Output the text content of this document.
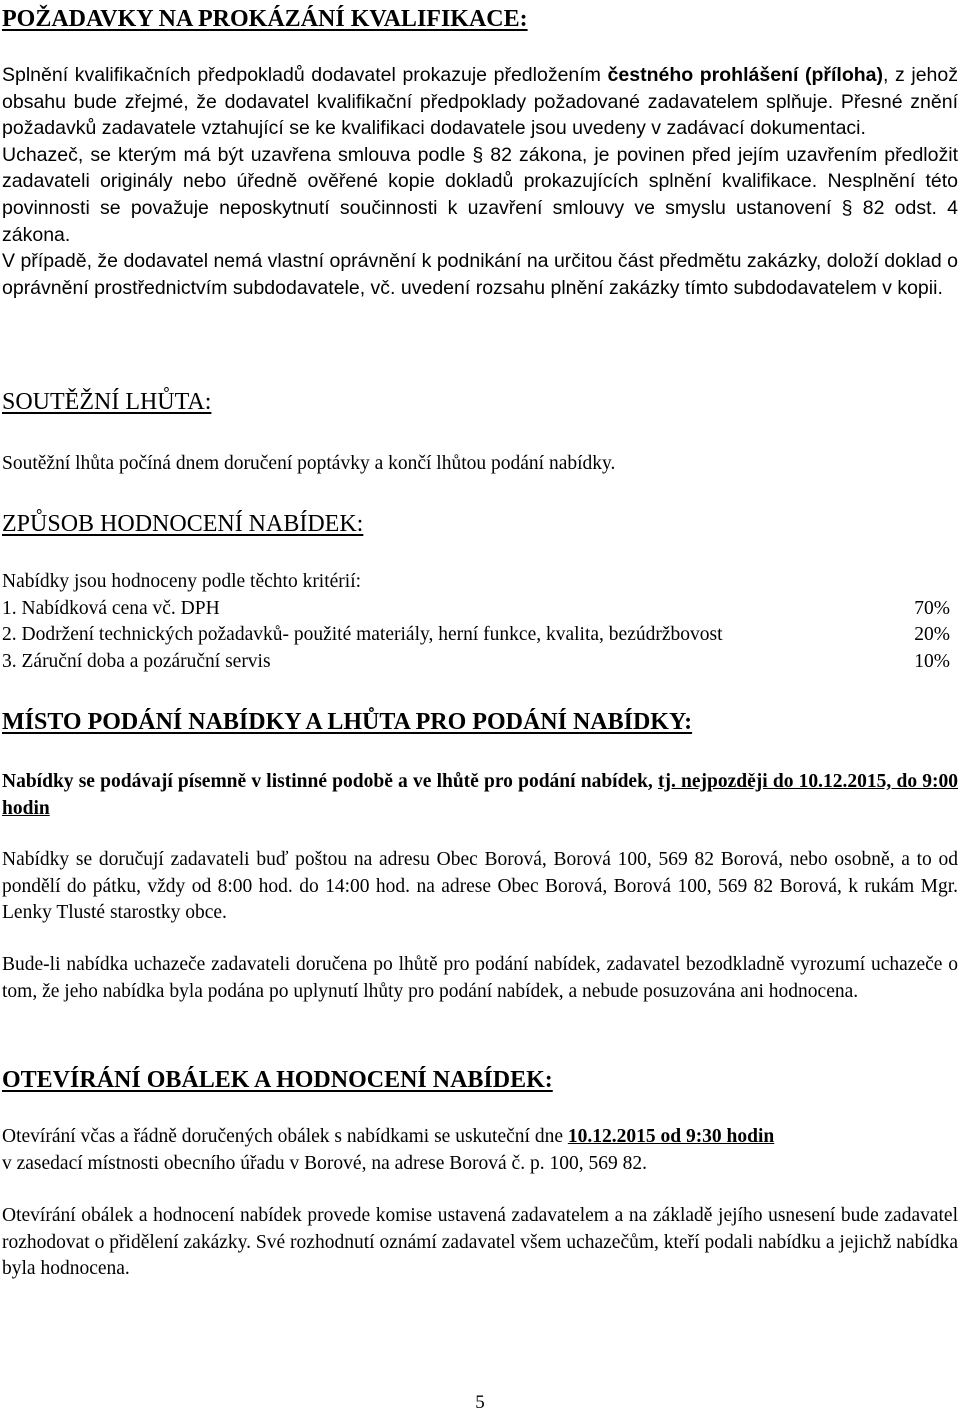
POŽADAVKY NA PROKÁZÁNÍ KVALIFIKACE:

Splnění kvalifikačních předpokladů dodavatel prokazuje předložením čestného prohlášení (příloha), z jehož obsahu bude zřejmé, že dodavatel kvalifikační předpoklady požadované zadavatelem splňuje. Přesné znění požadavků zadavatele vztahující se ke kvalifikaci dodavatele jsou uvedeny v zadávací dokumentaci.

Uchazeč, se kterým má být uzavřena smlouva podle § 82 zákona, je povinen před jejím uzavřením předložit zadavateli originály nebo úředně ověřené kopie dokladů prokazujících splnění kvalifikace. Nesplnění této povinnosti se považuje neposkytnutí součinnosti k uzavření smlouvy ve smyslu ustanovení § 82 odst. 4 zákona.

V případě, že dodavatel nemá vlastní oprávnění k podnikání na určitou část předmětu zakázky, doloží doklad o oprávnění prostřednictvím subdodavatele, vč. uvedení rozsahu plnění zakázky tímto subdodavatelem v kopii.

SOUTĚŽNÍ LHŮTA:

Soutěžní lhůta počíná dnem doručení poptávky a končí lhůtou podání nabídky.

ZPŮSOB HODNOCENÍ NABÍDEK:

Nabídky jsou hodnoceny podle těchto kritérií:

1. Nabídková cena vč. DPH	70%
2. Dodržení technických požadavků- použité materiály, herní funkce, kvalita, bezúdržbovost	20%
3. Záruční doba a pozáruční servis	10%
MÍSTO PODÁNÍ NABÍDKY A LHŮTA PRO PODÁNÍ NABÍDKY:

Nabídky se podávají písemně v listinné podobě a ve lhůtě pro podání nabídek, tj. nejpozději do 10.12.2015, do 9:00 hodin

Nabídky se doručují zadavateli buď poštou na adresu Obec Borová, Borová 100, 569 82 Borová, nebo osobně, a to od pondělí do pátku, vždy od 8:00 hod. do 14:00 hod. na adrese Obec Borová, Borová 100, 569 82 Borová, k rukám Mgr. Lenky Tlusté starostky obce.

Bude-li nabídka uchazeče zadavateli doručena po lhůtě pro podání nabídek, zadavatel bezodkladně vyrozumí uchazeče o tom, že jeho nabídka byla podána po uplynutí lhůty pro podání nabídek, a nebude posuzována ani hodnocena.

OTEVÍRÁNÍ OBÁLEK A HODNOCENÍ NABÍDEK:

Otevírání včas a řádně doručených obálek s nabídkami se uskuteční dne 10.12.2015 od 9:30 hodin
v zasedací místnosti obecního úřadu v Borové, na adrese Borová č. p. 100, 569 82.

Otevírání obálek a hodnocení nabídek provede komise ustavená zadavatelem a na základě jejího usnesení bude zadavatel rozhodovat o přidělení zakázky. Své rozhodnutí oznámí zadavatel všem uchazečům, kteří podali nabídku a jejichž nabídka byla hodnocena.

5
